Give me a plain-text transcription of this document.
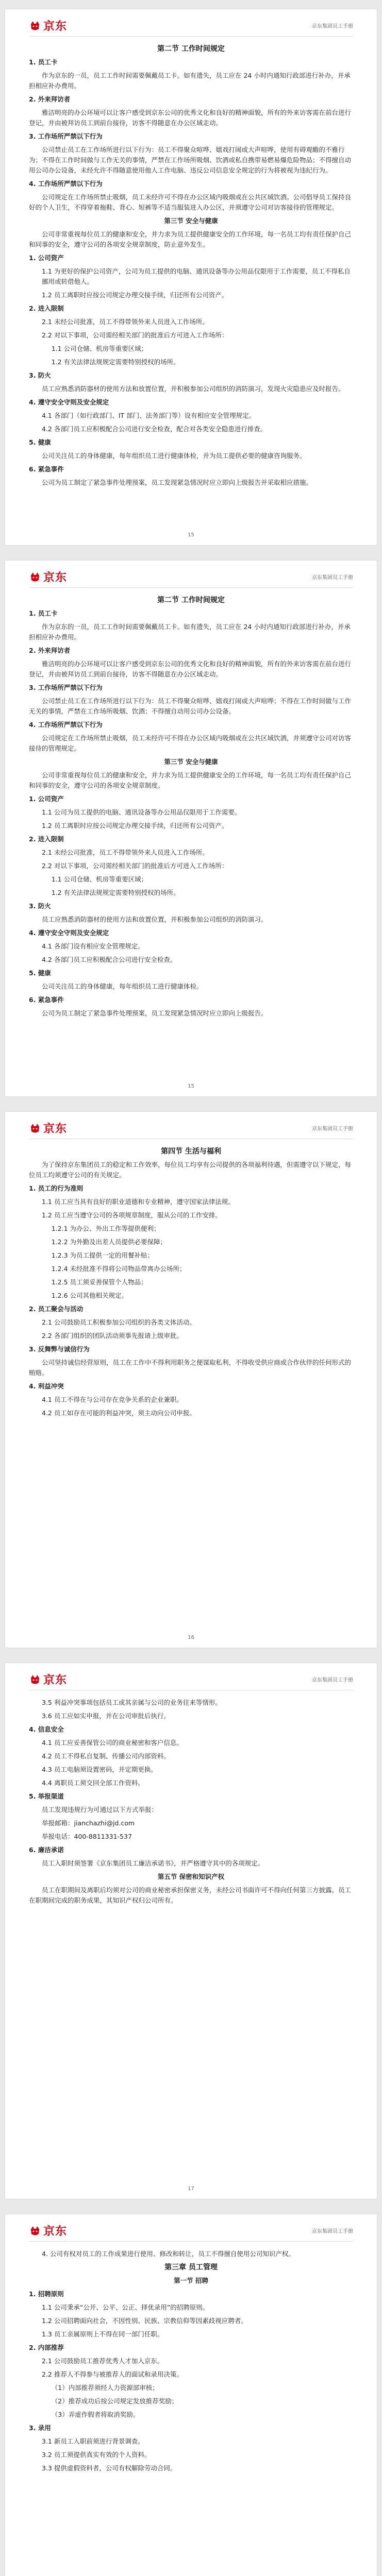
京东	京东集团员工手册

第二节 工作时间规定

1. 员工卡

作为京东的一员，员工工作时间需要佩戴员工卡。如有遗失，员工应在 24 小时内通知行政部进行补办，并承担相应补办费用。

2. 外来拜访者

雅洁明亮的办公环境可以让客户感受到京东公司的优秀文化和良好的精神面貌，所有的外来访客需在前台进行登记，并由被拜访员工到前台接待，访客不得随意在办公区域走动。

3. 工作场所严禁以下行为

公司禁止员工在工作场所进行以下行为：员工不得聚众喧哗、嬉戏打闹或大声喧哗，使用有碍观瞻的不雅行为；不得在工作时间做与工作无关的事情，严禁在工作场所吸烟、饮酒或私自携带易燃易爆危险物品；不得擅自动用公司办公设备，未经允许不得随意使用他人工作电脑、违反公司信息安全规定的行为将被视为违纪行为。

4. 工作场所严禁以下行为

公司规定在工作场所禁止吸烟，员工未经许可不得在办公区域内吸烟或在公共区域饮酒。公司倡导员工保持良好的个人卫生，不得穿着拖鞋、背心、短裤等不适当服装进入办公区，并须遵守公司对访客接待的管理规定。

第三节 安全与健康

公司非常重视每位员工的健康和安全，并力求为员工提供健康安全的工作环境，每一名员工均有责任保护自己和同事的安全，遵守公司的各项安全规章制度，防止意外发生。

1. 公司资产

1.1 为更好的保护公司资产，公司为员工提供的电脑、通讯设备等办公用品仅限用于工作需要，员工不得私自挪用或转借他人。

1.2 员工离职时应按公司规定办理交接手续，归还所有公司资产。

2. 进入限制

2.1 未经公司批准，员工不得带领外来人员进入工作场所。

2.2 对以下事项，公司需经相关部门的批准后方可进入工作场所：

1.1 公司仓储、机房等重要区域；

1.2 有关法律法规规定需要特别授权的场所。

3. 防火

员工应熟悉消防器材的使用方法和放置位置，并积极参加公司组织的消防演习，发现火灾隐患应及时报告。

4. 遵守安全守则及安全规定

4.1 各部门（如行政部门、IT 部门、法务部门等）设有相应安全管理规定。

4.2 各部门员工应积极配合公司进行安全检查，配合对各类安全隐患进行排查。

5. 健康

公司关注员工的身体健康，每年组织员工进行健康体检，并为员工提供必要的健康咨询服务。

6. 紧急事件

公司为员工制定了紧急事件处理预案，员工发现紧急情况时应立即向上级报告并采取相应措施。

15
京东	京东集团员工手册

第二节 工作时间规定

1. 员工卡

作为京东的一员，员工工作时间需要佩戴员工卡。如有遗失，员工应在 24 小时内通知行政部进行补办，并承担相应补办费用。

2. 外来拜访者

雅洁明亮的办公环境可以让客户感受到京东公司的优秀文化和良好的精神面貌，所有的外来访客需在前台进行登记，并由被拜访员工到前台接待，访客不得随意在办公区域走动。

3. 工作场所严禁以下行为

公司禁止员工在工作场所进行以下行为：员工不得聚众喧哗、嬉戏打闹或大声喧哗；不得在工作时间做与工作无关的事情，严禁在工作场所吸烟、饮酒；不得擅自动用公司办公设备。

4. 工作场所严禁以下行为

公司规定在工作场所禁止吸烟，员工未经许可不得在办公区域内吸烟或在公共区域饮酒，并须遵守公司对访客接待的管理规定。

第三节 安全与健康

公司非常重视每位员工的健康和安全，并力求为员工提供健康安全的工作环境，每一名员工均有责任保护自己和同事的安全，遵守公司的各项安全规章制度。

1. 公司资产

1.1 公司为员工提供的电脑、通讯设备等办公用品仅限用于工作需要。

1.2 员工离职时应按公司规定办理交接手续，归还所有公司资产。

2. 进入限制

2.1 未经公司批准，员工不得带领外来人员进入工作场所。

2.2 对以下事项，公司需经相关部门的批准后方可进入工作场所：

1.1 公司仓储、机房等重要区域；

1.2 有关法律法规规定需要特别授权的场所。

3. 防火

员工应熟悉消防器材的使用方法和放置位置，并积极参加公司组织的消防演习。

4. 遵守安全守则及安全规定

4.1 各部门设有相应安全管理规定。

4.2 各部门员工应积极配合公司进行安全检查。

5. 健康

公司关注员工的身体健康，每年组织员工进行健康体检。

6. 紧急事件

公司为员工制定了紧急事件处理预案，员工发现紧急情况时应立即向上级报告。

15
京东	京东集团员工手册

第四节 生活与福利

为了保持京东集团员工的稳定和工作效率，每位员工均享有公司提供的各项福利待遇，但需遵守以下规定，每位员工均须遵守公司的有关规定。

1. 员工的行为准则

1.1 员工应当具有良好的职业道德和专业精神，遵守国家法律法规。

1.2 员工应当遵守公司的各项规章制度，服从公司的工作安排。

1.2.1 为办公、外出工作等提供便利；

1.2.2 为外勤及出差人员提供必要保障；

1.2.3 为员工提供一定的用餐补贴；

1.2.4 未经批准不得将公司物品带离办公场所；

1.2.5 员工须妥善保管个人物品；

1.2.6 公司其他相关规定。

2. 员工聚会与活动

2.1 公司鼓励员工积极参加公司组织的各类文体活动。

2.2 各部门组织的团队活动须事先报请上级审批。

3. 反舞弊与诚信行为

公司坚持诚信经营原则，员工在工作中不得利用职务之便谋取私利，不得收受供应商或合作伙伴的任何形式的贿赂。

4. 利益冲突

4.1 员工不得在与公司存在竞争关系的企业兼职。

4.2 员工如存在可能的利益冲突，须主动向公司申报。

16
京东	京东集团员工手册

3.5 利益冲突事项包括员工或其亲属与公司的业务往来等情形。

3.6 员工应如实申报，并在公司审批后执行。

4. 信息安全

4.1 员工应妥善保管公司的商业秘密和客户信息。

4.2 员工不得私自复制、传播公司内部资料。

4.3 员工电脑须设置密码，并定期更换。

4.4 离职员工须交回全部工作资料。

5. 举报渠道

员工发现违规行为可通过以下方式举报：

举报邮箱：jianchazhi@jd.com

举报电话：400-8811331-537

6. 廉洁承诺

员工入职时须签署《京东集团员工廉洁承诺书》，并严格遵守其中的各项规定。

第五节 保密和知识产权

员工在职期间及离职后均须对公司的商业秘密承担保密义务，未经公司书面许可不得向任何第三方披露。员工在职期间完成的职务成果，其知识产权归公司所有。

17
京东	京东集团员工手册

4. 公司有权对员工的工作成果进行使用、修改和转让，员工不得擅自使用公司知识产权。

第三章 员工管理

第一节 招聘

1. 招聘原则

1.1 公司秉承“公开、公平、公正、择优录用”的招聘原则。

1.2 公司招聘面向社会，不因性别、民族、宗教信仰等因素歧视应聘者。

1.3 员工亲属原则上不得在同一部门任职。

2. 内部推荐

2.1 公司鼓励员工推荐优秀人才加入京东。

2.2 推荐人不得参与被推荐人的面试和录用决策。

（1）内部推荐须经人力资源部审核；

（2）推荐成功后按公司规定发放推荐奖励；

（3）弄虚作假者将取消奖励。

3. 录用

3.1 新员工入职前须进行背景调查。

3.2 员工须提供真实有效的个人资料。

3.3 提供虚假资料者，公司有权解除劳动合同。
